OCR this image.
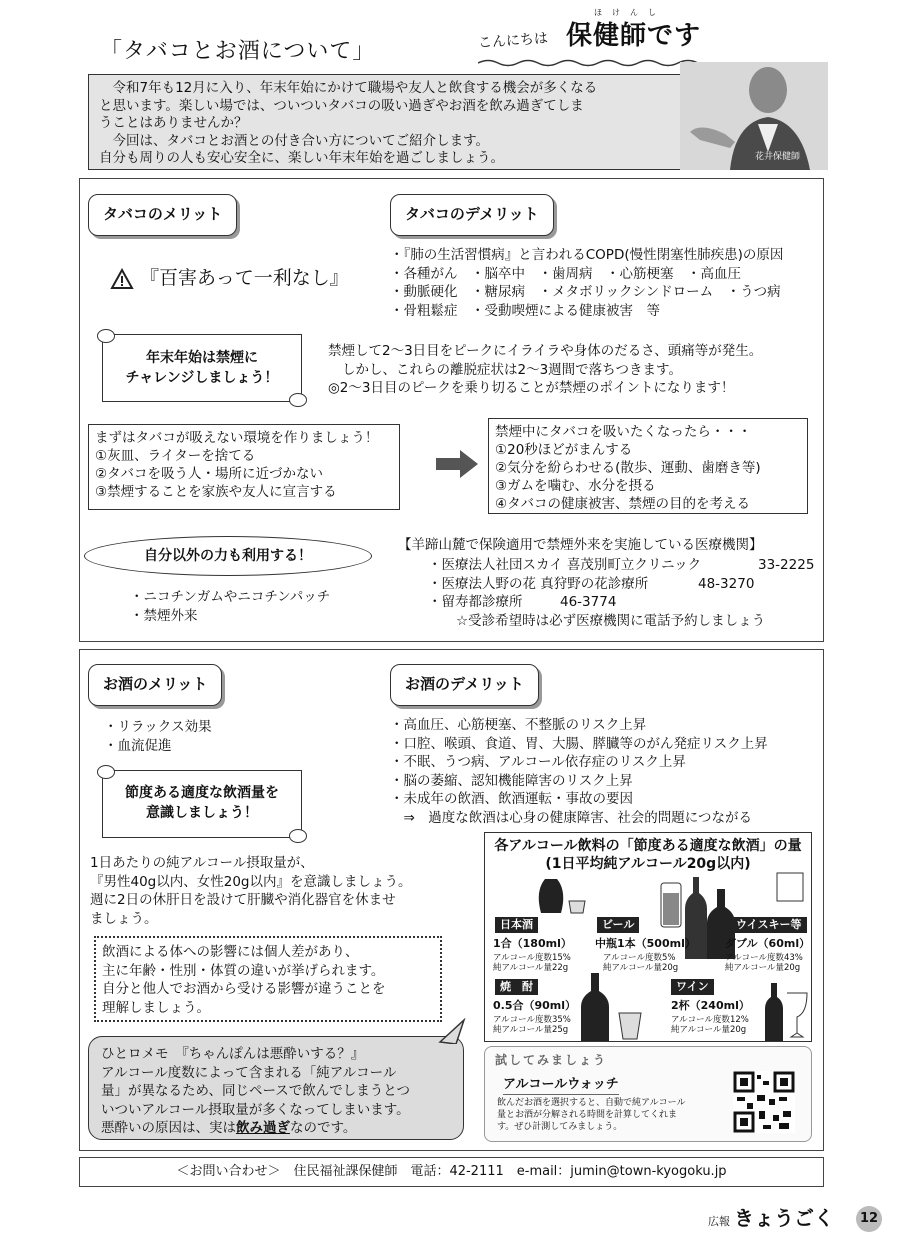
「タバコとお酒について」	こんにちは
ほけんし
保健師です
　令和7年も12月に入り、年末年始にかけて職場や友人と飲食する機会が多くなる
と思います。楽しい場では、ついついタバコの吸い過ぎやお酒を飲み過ぎてしま
うことはありませんか？
　今回は、タバコとお酒との付き合い方についてご紹介します。
自分も周りの人も安心安全に、楽しい年末年始を過ごしましょう。	花井保健師
タバコのメリット	タバコのデメリット
『百害あって一利なし』
・『肺の生活習慣病』と言われるCOPD(慢性閉塞性肺疾患)の原因
・各種がん　・脳卒中　・歯周病　・心筋梗塞　・高血圧
・動脈硬化　・糖尿病　・メタボリックシンドローム　・うつ病
・骨粗鬆症　・受動喫煙による健康被害　等
年末年始は禁煙に
チャレンジしましょう！
禁煙して2～3日目をピークにイライラや身体のだるさ、頭痛等が発生。
しかし、これらの離脱症状は2～3週間で落ちつきます。
◎2～3日目のピークを乗り切ることが禁煙のポイントになります！
まずはタバコが吸えない環境を作りましょう！
①灰皿、ライターを捨てる
②タバコを吸う人・場所に近づかない
③禁煙することを家族や友人に宣言する
禁煙中にタバコを吸いたくなったら・・・
①20秒ほどがまんする
②気分を紛らわせる(散歩、運動、歯磨き等)
③ガムを噛む、水分を摂る
④タバコの健康被害、禁煙の目的を考える
自分以外の力も利用する！
・ニコチンガムやニコチンパッチ
・禁煙外来
【羊蹄山麓で保険適用で禁煙外来を実施している医療機関】
・医療法人社団スカイ 喜茂別町立クリニック	33-2225
・医療法人野の花 真狩野の花診療所	48-3270
・留寿都診療所	46-3774
☆受診希望時は必ず医療機関に電話予約しましょう
お酒のメリット	お酒のデメリット
・リラックス効果
・血流促進
・高血圧、心筋梗塞、不整脈のリスク上昇
・口腔、喉頭、食道、胃、大腸、膵臓等のがん発症リスク上昇
・不眠、うつ病、アルコール依存症のリスク上昇
・脳の萎縮、認知機能障害のリスク上昇
・未成年の飲酒、飲酒運転・事故の要因
　⇒　過度な飲酒は心身の健康障害、社会的問題につながる
節度ある適度な飲酒量を
意識しましょう！
1日あたりの純アルコール摂取量が、
『男性40g以内、女性20g以内』を意識しましょう。
週に2日の休肝日を設けて肝臓や消化器官を休ませ
ましょう。
飲酒による体への影響には個人差があり、
主に年齢・性別・体質の違いが挙げられます。
自分と他人でお酒から受ける影響が違うことを
理解しましょう。
ひとロメモ　『ちゃんぽんは悪酔いする？』
アルコール度数によって含まれる「純アルコール
量」が異なるため、同じペースで飲んでしまうとつ
いついアルコール摂取量が多くなってしまいます。
悪酔いの原因は、実は飲み過ぎなのです。
各アルコール飲料の「節度ある適度な飲酒」の量
(1日平均純アルコール20g以内)
日本酒
1合（180ml）
アルコール度数15%
純アルコール量22g
ビール
中瓶1本（500ml）
アルコール度数5%
純アルコール量20g
ウイスキー等
ダブル（60ml）
アルコール度数43%
純アルコール量20g
焼　酎
0.5合（90ml）
アルコール度数35%
純アルコール量25g
ワイン
2杯（240ml）
アルコール度数12%
純アルコール量20g
試してみましょう
アルコールウォッチ
飲んだお酒を選択すると、自動で純アルコール
量とお酒が分解される時間を計算してくれま
す。ぜひ計測してみましょう。
＜お問い合わせ＞　住民福祉課保健師　電話：42-2111　e-mail：jumin@town-kyogoku.jp
広報 きょうごく	12
